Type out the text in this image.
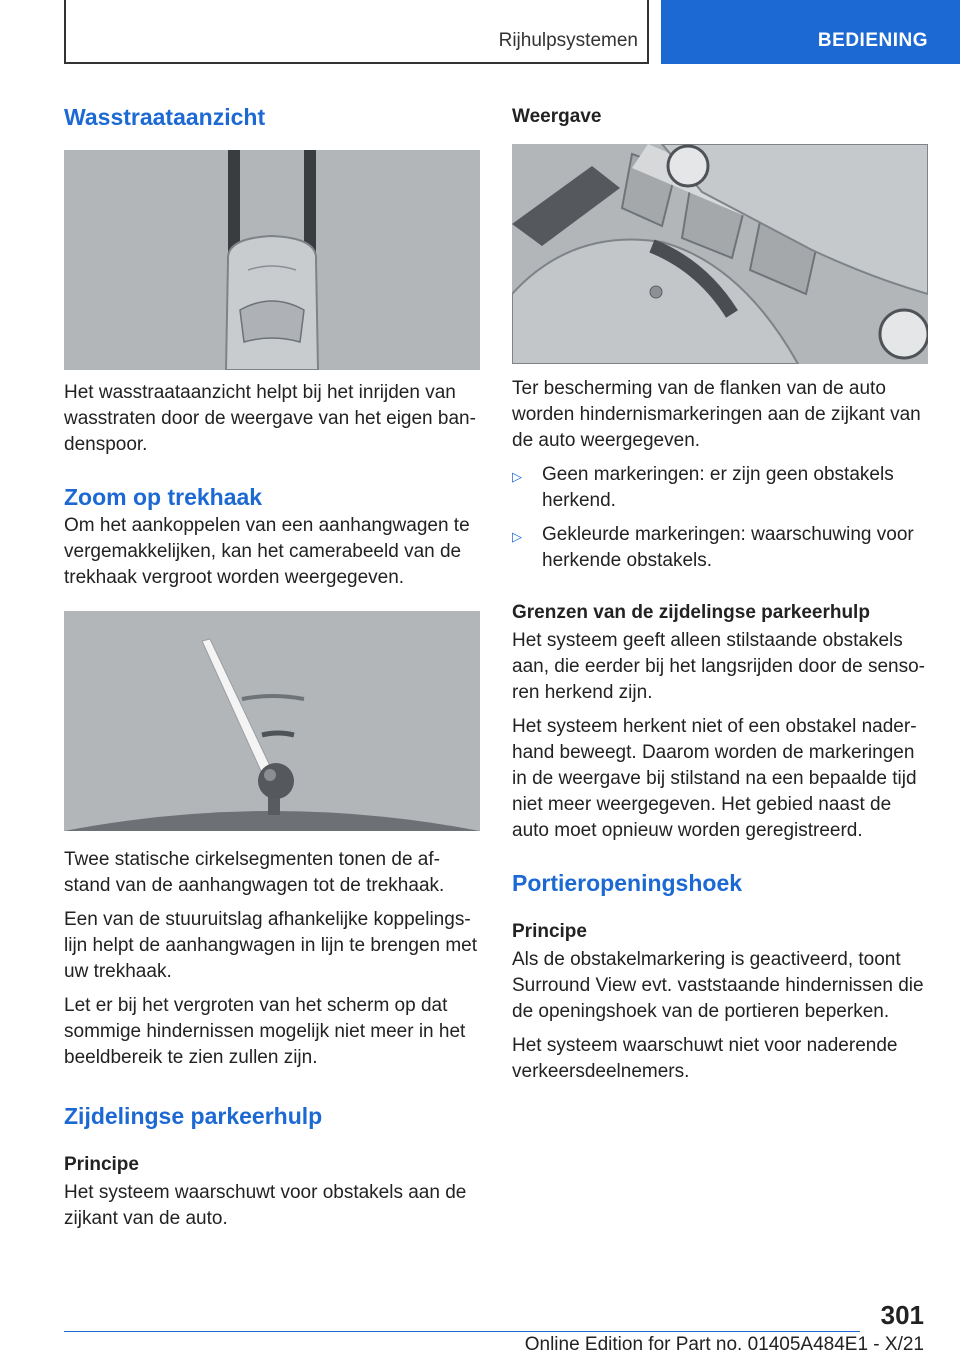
Rijhulpsystemen	BEDIENING
Wasstraataanzicht

Het wasstraataanzicht helpt bij het inrijden van wasstraten door de weergave van het eigen bandenspoor.

Zoom op trekhaak

Om het aankoppelen van een aanhangwagen te vergemakkelijken, kan het camerabeeld van de trekhaak vergroot worden weergegeven.

Twee statische cirkelsegmenten tonen de afstand van de aanhangwagen tot de trekhaak.

Een van de stuuruitslag afhankelijke koppelingslijn helpt de aanhangwagen in lijn te brengen met uw trekhaak.

Let er bij het vergroten van het scherm op dat sommige hindernissen mogelijk niet meer in het beeldbereik te zien zullen zijn.

Zijdelingse parkeerhulp
Principe

Het systeem waarschuwt voor obstakels aan de zijkant van de auto.

Weergave

Ter bescherming van de flanken van de auto worden hindernismarkeringen aan de zijkant van de auto weergegeven.

▷	Geen markeringen: er zijn geen obstakels herkend.
▷	Gekleurde markeringen: waarschuwing voor herkende obstakels.
Grenzen van de zijdelingse parkeerhulp

Het systeem geeft alleen stilstaande obstakels aan, die eerder bij het langsrijden door de sensoren herkend zijn.

Het systeem herkent niet of een obstakel naderhand beweegt. Daarom worden de markeringen in de weergave bij stilstand na een bepaalde tijd niet meer weergegeven. Het gebied naast de auto moet opnieuw worden geregistreerd.

Portieropeningshoek
Principe

Als de obstakelmarkering is geactiveerd, toont Surround View evt. vaststaande hindernissen die de openingshoek van de portieren beperken.

Het systeem waarschuwt niet voor naderende verkeersdeelnemers.

301
Online Edition for Part no. 01405A484E1 - X/21
